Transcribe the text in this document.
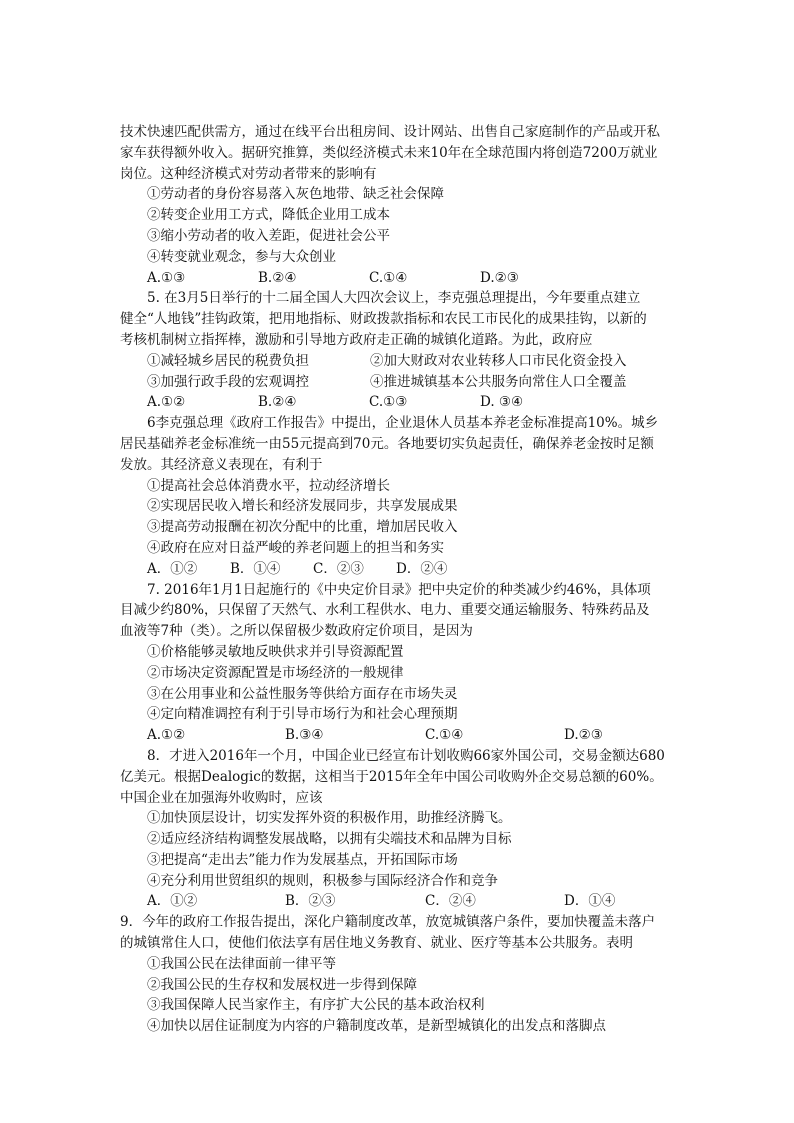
技术快速匹配供需方，通过在线平台出租房间、设计网站、出售自己家庭制作的产品或开私
家车获得额外收入。据研究推算，类似经济模式未来10年在全球范围内将创造7200万就业
岗位。这种经济模式对劳动者带来的影响有
①劳动者的身份容易落入灰色地带、缺乏社会保障
②转变企业用工方式，降低企业用工成本
③缩小劳动者的收入差距，促进社会公平
④转变就业观念，参与大众创业
A.①③	B.②④	C.①④	D.②③
5. 在3月5日举行的十二届全国人大四次会议上，李克强总理提出，今年要重点建立
健全“人地钱”挂钩政策，把用地指标、财政拨款指标和农民工市民化的成果挂钩，以新的
考核机制树立指挥棒，激励和引导地方政府走正确的城镇化道路。为此，政府应
①减轻城乡居民的税费负担	②加大财政对农业转移人口市民化资金投入
③加强行政手段的宏观调控	④推进城镇基本公共服务向常住人口全覆盖
A.①②	B.②④	C.①③	D. ③④
6李克强总理《政府工作报告》中提出，企业退休人员基本养老金标准提高10%。城乡
居民基础养老金标准统一由55元提高到70元。各地要切实负起责任，确保养老金按时足额
发放。其经济意义表现在，有利于
①提高社会总体消费水平，拉动经济增长
②实现居民收入增长和经济发展同步，共享发展成果
③提高劳动报酬在初次分配中的比重，增加居民收入
④政府在应对日益严峻的养老问题上的担当和务实
A．①② B．①④ C．②③ D．②④
7. 2016年1月1日起施行的《中央定价目录》把中央定价的种类减少约46%，具体项
目减少约80%，只保留了天然气、水利工程供水、电力、重要交通运输服务、特殊药品及
血液等7种（类）。之所以保留极少数政府定价项目，是因为
①价格能够灵敏地反映供求并引导资源配置
②市场决定资源配置是市场经济的一般规律
③在公用事业和公益性服务等供给方面存在市场失灵
④定向精准调控有利于引导市场行为和社会心理预期
A.①②	B.③④	C.①④	D.②③
8．才进入2016年一个月，中国企业已经宣布计划收购66家外国公司，交易金额达680
亿美元。根据Dealogic的数据，这相当于2015年全年中国公司收购外企交易总额的60%。
中国企业在加强海外收购时，应该
①加快顶层设计，切实发挥外资的积极作用，助推经济腾飞。
②适应经济结构调整发展战略，以拥有尖端技术和品牌为目标
③把提高“走出去”能力作为发展基点，开拓国际市场
④充分利用世贸组织的规则，积极参与国际经济合作和竞争
A．①②	B．②③	C．②④	D．①④
9．今年的政府工作报告提出，深化户籍制度改革，放宽城镇落户条件，要加快覆盖未落户
的城镇常住人口，使他们依法享有居住地义务教育、就业、医疗等基本公共服务。表明
①我国公民在法律面前一律平等
②我国公民的生存权和发展权进一步得到保障
③我国保障人民当家作主，有序扩大公民的基本政治权利
④加快以居住证制度为内容的户籍制度改革，是新型城镇化的出发点和落脚点
